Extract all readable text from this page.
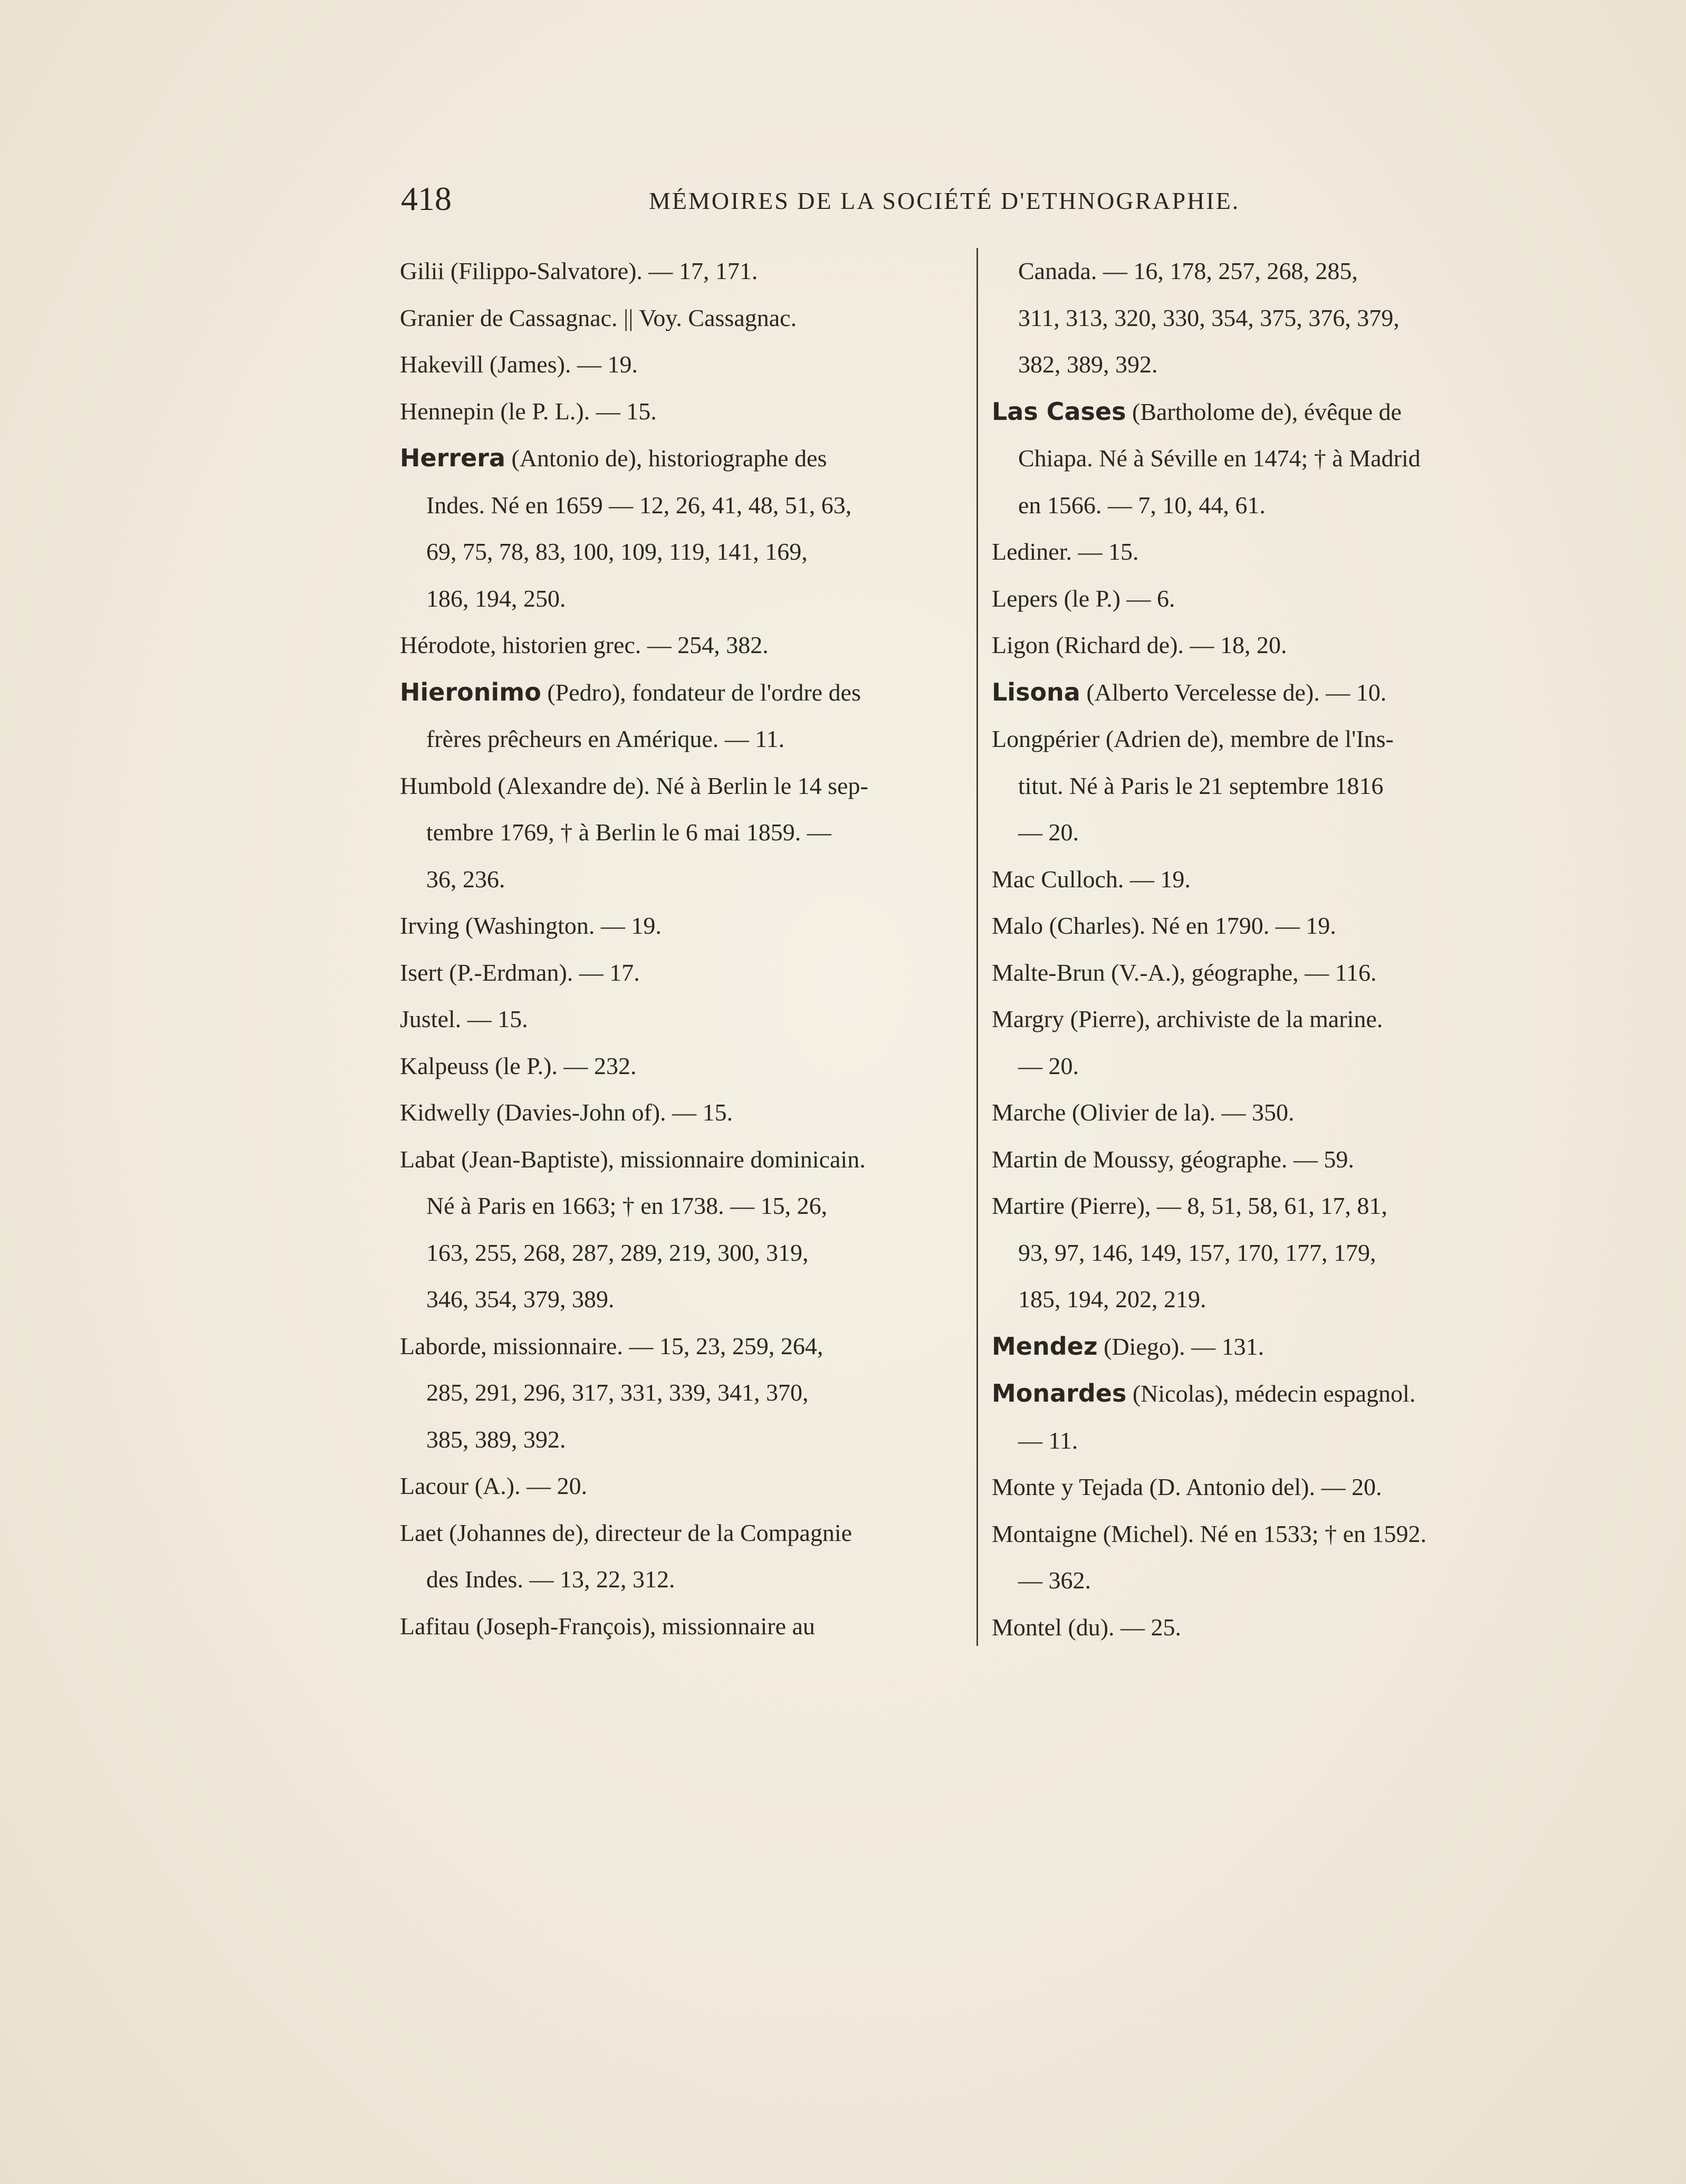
418	MÉMOIRES DE LA SOCIÉTÉ D'ETHNOGRAPHIE.
Gilii (Filippo-Salvatore). — 17, 171.
Granier de Cassagnac. || Voy. Cassagnac.
Hakevill (James). — 19.
Hennepin (le P. L.). — 15.
Herrera (Antonio de), historiographe des
Indes. Né en 1659 — 12, 26, 41, 48, 51, 63,
69, 75, 78, 83, 100, 109, 119, 141, 169,
186, 194, 250.
Hérodote, historien grec. — 254, 382.
Hieronimo (Pedro), fondateur de l'ordre des
frères prêcheurs en Amérique. — 11.
Humbold (Alexandre de). Né à Berlin le 14 sep-
tembre 1769, † à Berlin le 6 mai 1859. —
36, 236.
Irving (Washington. — 19.
Isert (P.-Erdman). — 17.
Justel. — 15.
Kalpeuss (le P.). — 232.
Kidwelly (Davies-John of). — 15.
Labat (Jean-Baptiste), missionnaire dominicain.
Né à Paris en 1663; † en 1738. — 15, 26,
163, 255, 268, 287, 289, 219, 300, 319,
346, 354, 379, 389.
Laborde, missionnaire. — 15, 23, 259, 264,
285, 291, 296, 317, 331, 339, 341, 370,
385, 389, 392.
Lacour (A.). — 20.
Laet (Johannes de), directeur de la Compagnie
des Indes. — 13, 22, 312.
Lafitau (Joseph-François), missionnaire au
Canada. — 16, 178, 257, 268, 285,
311, 313, 320, 330, 354, 375, 376, 379,
382, 389, 392.
Las Cases (Bartholome de), évêque de
Chiapa. Né à Séville en 1474; † à Madrid
en 1566. — 7, 10, 44, 61.
Lediner. — 15.
Lepers (le P.) — 6.
Ligon (Richard de). — 18, 20.
Lisona (Alberto Vercelesse de). — 10.
Longpérier (Adrien de), membre de l'Ins-
titut. Né à Paris le 21 septembre 1816
— 20.
Mac Culloch. — 19.
Malo (Charles). Né en 1790. — 19.
Malte-Brun (V.-A.), géographe, — 116.
Margry (Pierre), archiviste de la marine.
— 20.
Marche (Olivier de la). — 350.
Martin de Moussy, géographe. — 59.
Martire (Pierre), — 8, 51, 58, 61, 17, 81,
93, 97, 146, 149, 157, 170, 177, 179,
185, 194, 202, 219.
Mendez (Diego). — 131.
Monardes (Nicolas), médecin espagnol.
— 11.
Monte y Tejada (D. Antonio del). — 20.
Montaigne (Michel). Né en 1533; † en 1592.
— 362.
Montel (du). — 25.
